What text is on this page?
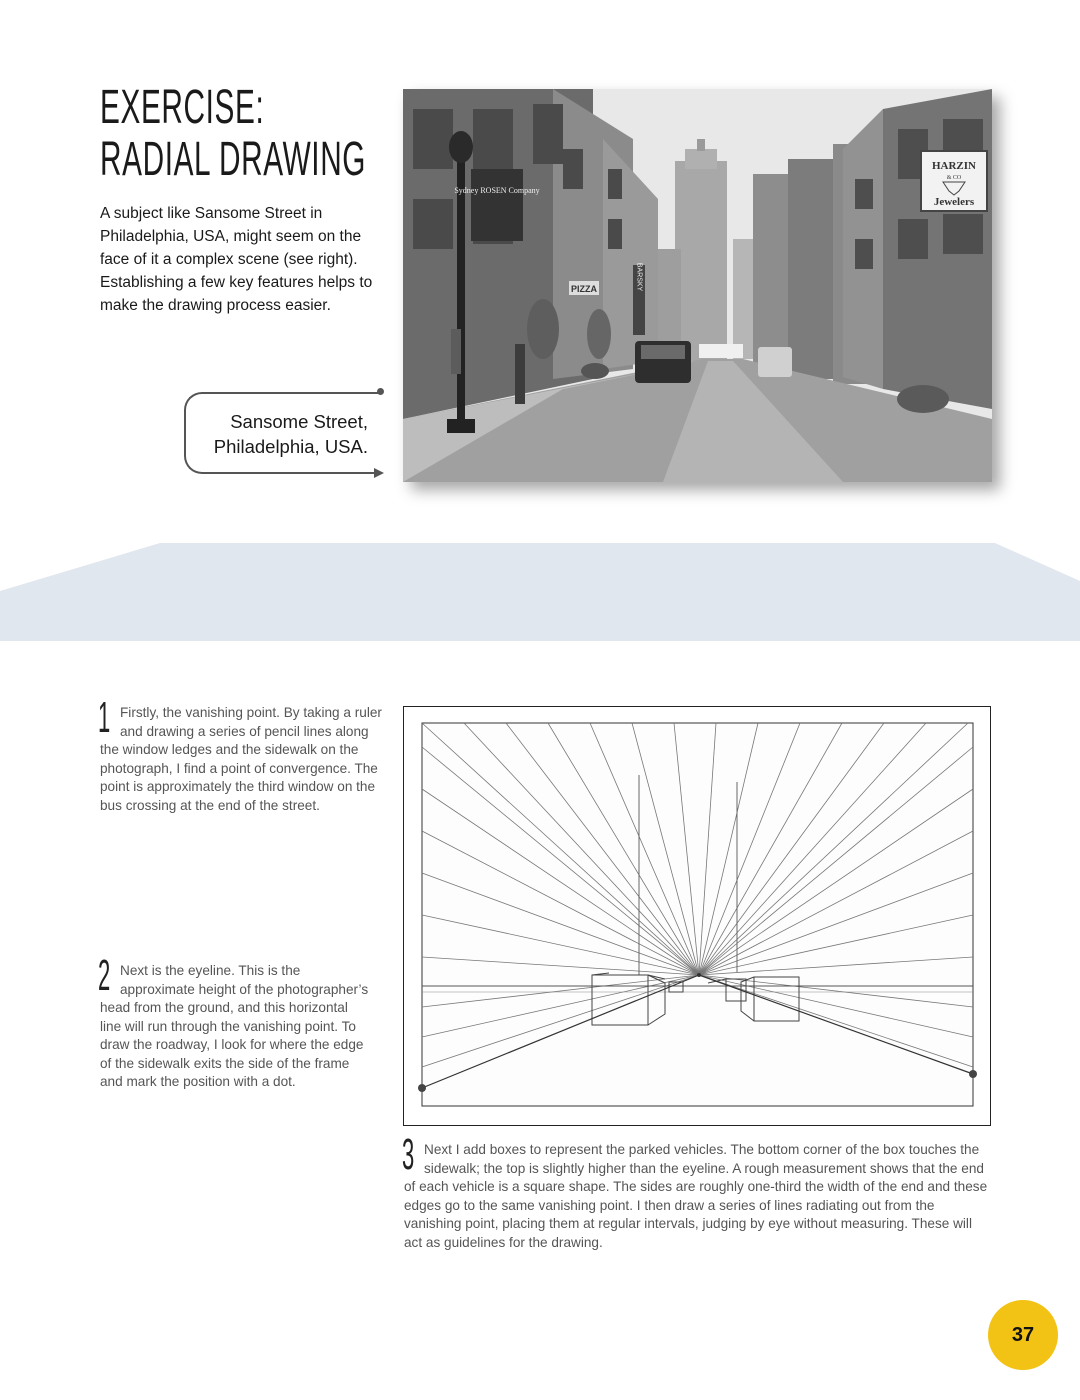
EXERCISE:
RADIAL DRAWING

A subject like Sansome Street in Philadelphia, USA, might seem on the face of it a complex scene (see right). Establishing a few key features helps to make the drawing process easier.

Sansome Street,
Philadelphia, USA.
Sydney ROSEN Company
HARZIN
& CO
Jewelers
PIZZA	BARSKY
1 Firstly, the vanishing point. By taking a ruler and drawing a series of pencil lines along the window ledges and the sidewalk on the photograph, I find a point of convergence. The point is approximately the third window on the bus crossing at the end of the street.
2 Next is the eyeline. This is the approximate height of the photographer’s head from the ground, and this horizontal line will run through the vanishing point. To draw the roadway, I look for where the edge of the sidewalk exits the side of the frame and mark the position with a dot.
3 Next I add boxes to represent the parked vehicles. The bottom corner of the box touches the sidewalk; the top is slightly higher than the eyeline. A rough measurement shows that the end of each vehicle is a square shape. The sides are roughly one-third the width of the end and these edges go to the same vanishing point. I then draw a series of lines radiating out from the vanishing point, placing them at regular intervals, judging by eye without measuring. These will act as guidelines for the drawing.
37
